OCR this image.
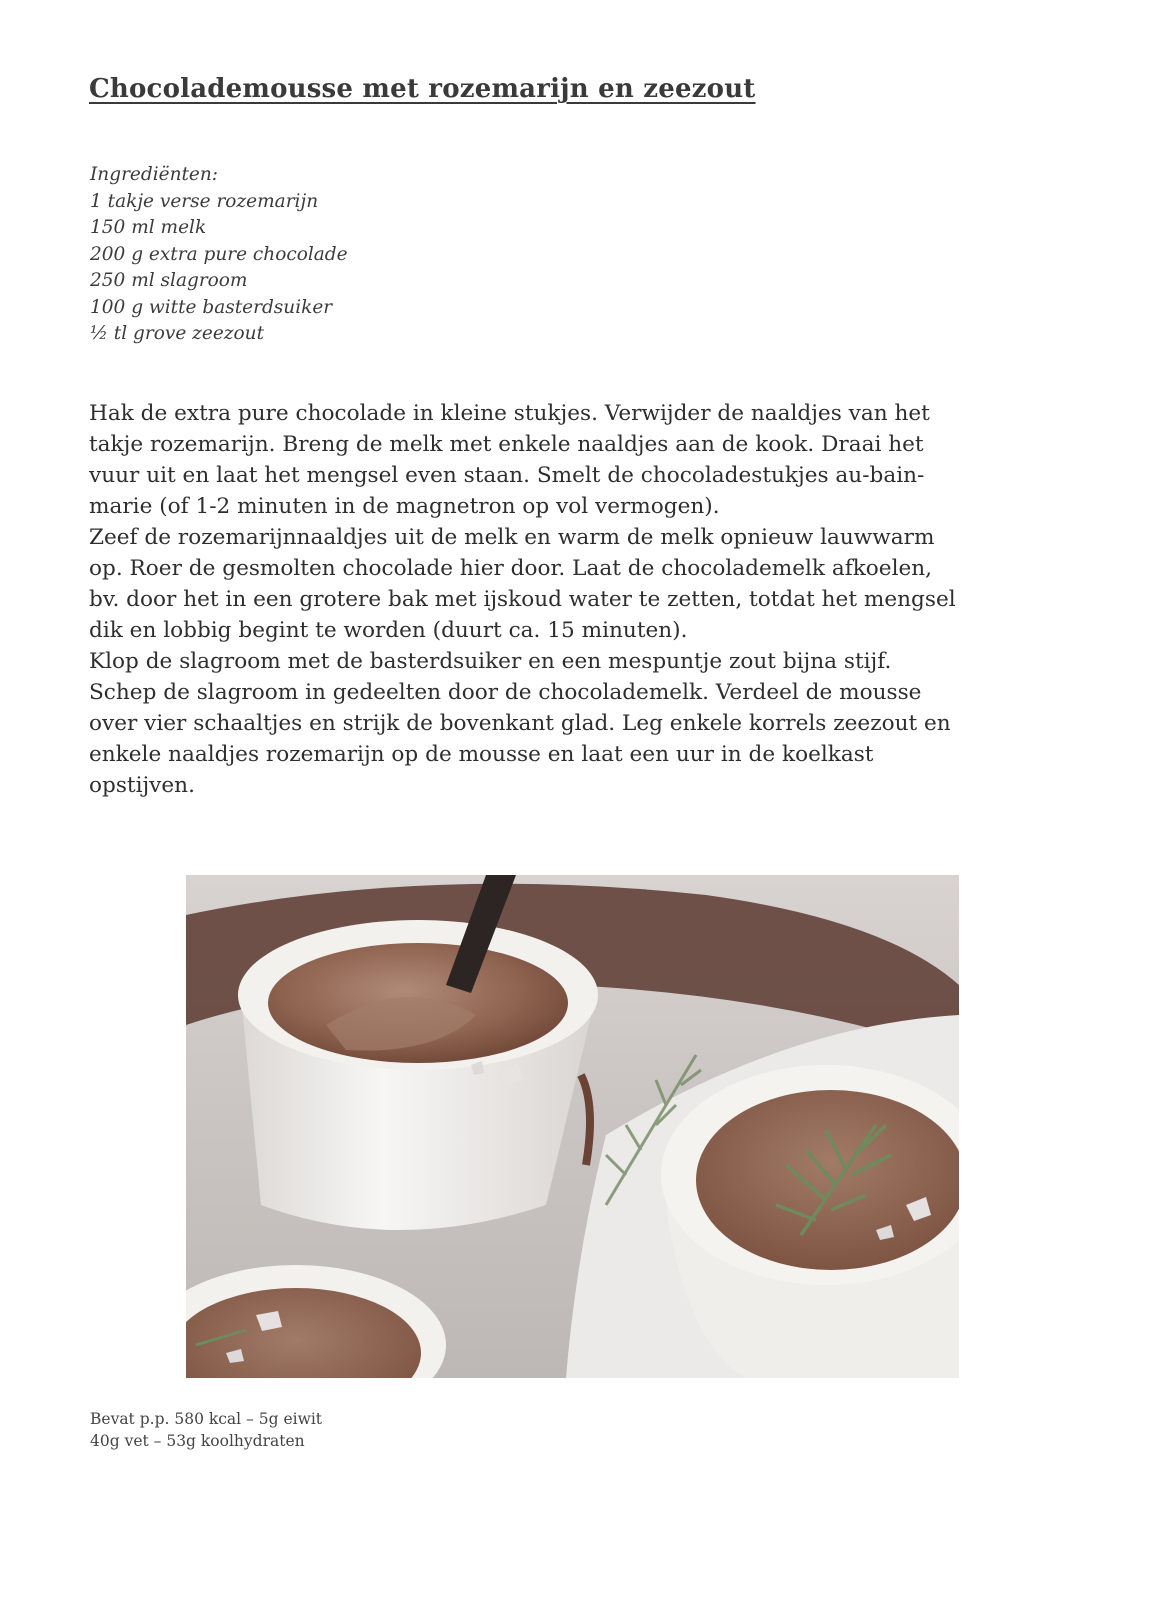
Chocolademousse met rozemarijn en zeezout
Ingrediënten:
1 takje verse rozemarijn
150 ml melk
200 g extra pure chocolade
250 ml slagroom
100 g witte basterdsuiker
½ tl grove zeezout

Hak de extra pure chocolade in kleine stukjes. Verwijder de naaldjes van het

takje rozemarijn. Breng de melk met enkele naaldjes aan de kook. Draai het

vuur uit en laat het mengsel even staan. Smelt de chocoladestukjes au-bain-

marie (of 1-2 minuten in de magnetron op vol vermogen).

Zeef de rozemarijnnaaldjes uit de melk en warm de melk opnieuw lauwwarm

op. Roer de gesmolten chocolade hier door. Laat de chocolademelk afkoelen,

bv. door het in een grotere bak met ijskoud water te zetten, totdat het mengsel

dik en lobbig begint te worden (duurt ca. 15 minuten).

Klop de slagroom met de basterdsuiker en een mespuntje zout bijna stijf.

Schep de slagroom in gedeelten door de chocolademelk. Verdeel de mousse

over vier schaaltjes en strijk de bovenkant glad. Leg enkele korrels zeezout en

enkele naaldjes rozemarijn op de mousse en laat een uur in de koelkast

opstijven.

Bevat p.p. 580 kcal – 5g eiwit
40g vet – 53g koolhydraten
